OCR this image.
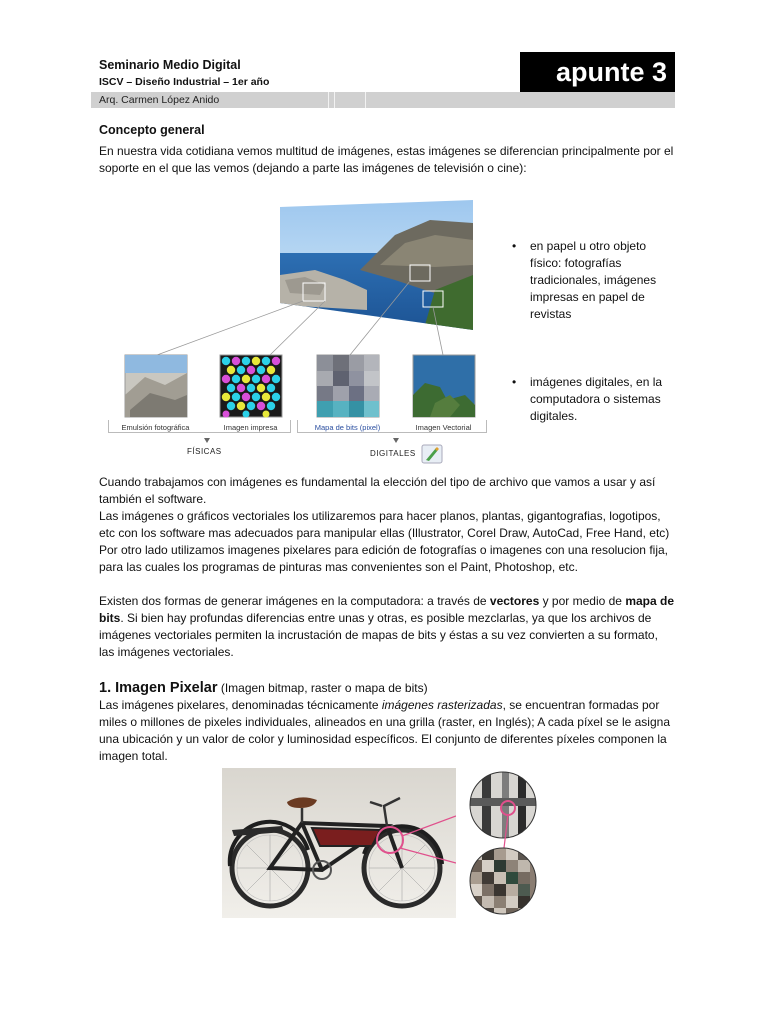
Seminario Medio Digital
ISCV – Diseño Industrial – 1er año	apunte 3
Arq. Carmen López Anido
Concepto general
En nuestra vida cotidiana vemos multitud de imágenes, estas imágenes se diferencian principalmente por el soporte en el que las vemos (dejando a parte las imágenes de televisión o cine):
Emulsión fotográfica	Imagen impresa	Mapa de bits (pixel)	Imagen Vectorial
FÍSICAS	DIGITALES
• en papel u otro objeto físico: fotografías tradicionales, imágenes impresas en papel de revistas
• imágenes digitales, en la computadora o sistemas digitales.
Cuando trabajamos con imágenes es fundamental la elección del tipo de archivo que vamos a usar y así también el software.
Las imágenes o gráficos vectoriales los utilizaremos para hacer planos, plantas, gigantografias, logotipos, etc con los software mas adecuados para manipular ellas (Illustrator, Corel Draw, AutoCad, Free Hand, etc)
Por otro lado utilizamos imagenes pixelares para edición de fotografías o imagenes con una resolucion fija, para las cuales los programas de pinturas mas convenientes son el Paint, Photoshop, etc.
Existen dos formas de generar imágenes en la computadora: a través de vectores y por medio de mapa de bits. Si bien hay profundas diferencias entre unas y otras, es posible mezclarlas, ya que los archivos de imágenes vectoriales permiten la incrustación de mapas de bits y éstas a su vez convierten a su formato, las imágenes vectoriales.
1. Imagen Pixelar (Imagen bitmap, raster o mapa de bits)
Las imágenes pixelares, denominadas técnicamente imágenes rasterizadas, se encuentran formadas por miles o millones de pixeles individuales, alineados en una grilla (raster, en Inglés); A cada píxel se le asigna una ubicación y un valor de color y luminosidad específicos. El conjunto de diferentes píxeles componen la imagen total.
